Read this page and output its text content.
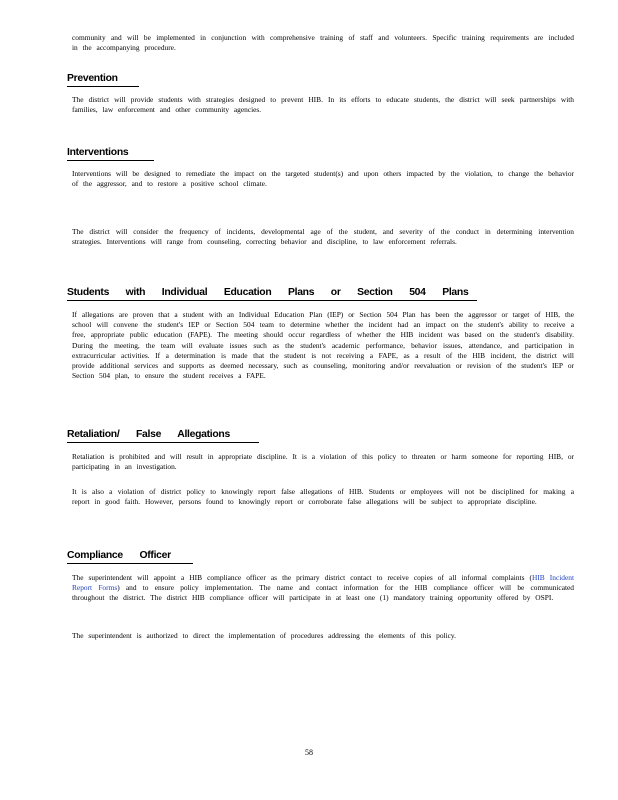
community and will be implemented in conjunction with comprehensive training of staff and volunteers. Specific training requirements are included in the accompanying procedure.

Prevention

The district will provide students with strategies designed to prevent HIB. In its efforts to educate students, the district will seek partnerships with families, law enforcement and other community agencies.

Interventions

Interventions will be designed to remediate the impact on the targeted student(s) and upon others impacted by the violation, to change the behavior of the aggressor, and to restore a positive school climate.

The district will consider the frequency of incidents, developmental age of the student, and severity of the conduct in determining intervention strategies. Interventions will range from counseling, correcting behavior and discipline, to law enforcement referrals.

Students with Individual Education Plans or Section 504 Plans

If allegations are proven that a student with an Individual Education Plan (IEP) or Section 504 Plan has been the aggressor or target of HIB, the school will convene the student's IEP or Section 504 team to determine whether the incident had an impact on the student's ability to receive a free, appropriate public education (FAPE). The meeting should occur regardless of whether the HIB incident was based on the student's disability. During the meeting, the team will evaluate issues such as the student's academic performance, behavior issues, attendance, and participation in extracurricular activities. If a determination is made that the student is not receiving a FAPE, as a result of the HIB incident, the district will provide additional services and supports as deemed necessary, such as counseling, monitoring and/or reevaluation or revision of the student's IEP or Section 504 plan, to ensure the student receives a FAPE.

Retaliation/ False Allegations

Retaliation is prohibited and will result in appropriate discipline. It is a violation of this policy to threaten or harm someone for reporting HIB, or participating in an investigation.

It is also a violation of district policy to knowingly report false allegations of HIB. Students or employees will not be disciplined for making a report in good faith. However, persons found to knowingly report or corroborate false allegations will be subject to appropriate discipline.

Compliance Officer

The superintendent will appoint a HIB compliance officer as the primary district contact to receive copies of all informal complaints (HIB Incident Report Forms) and to ensure policy implementation. The name and contact information for the HIB compliance officer will be communicated throughout the district. The district HIB compliance officer will participate in at least one (1) mandatory training opportunity offered by OSPI.

The superintendent is authorized to direct the implementation of procedures addressing the elements of this policy.

58
